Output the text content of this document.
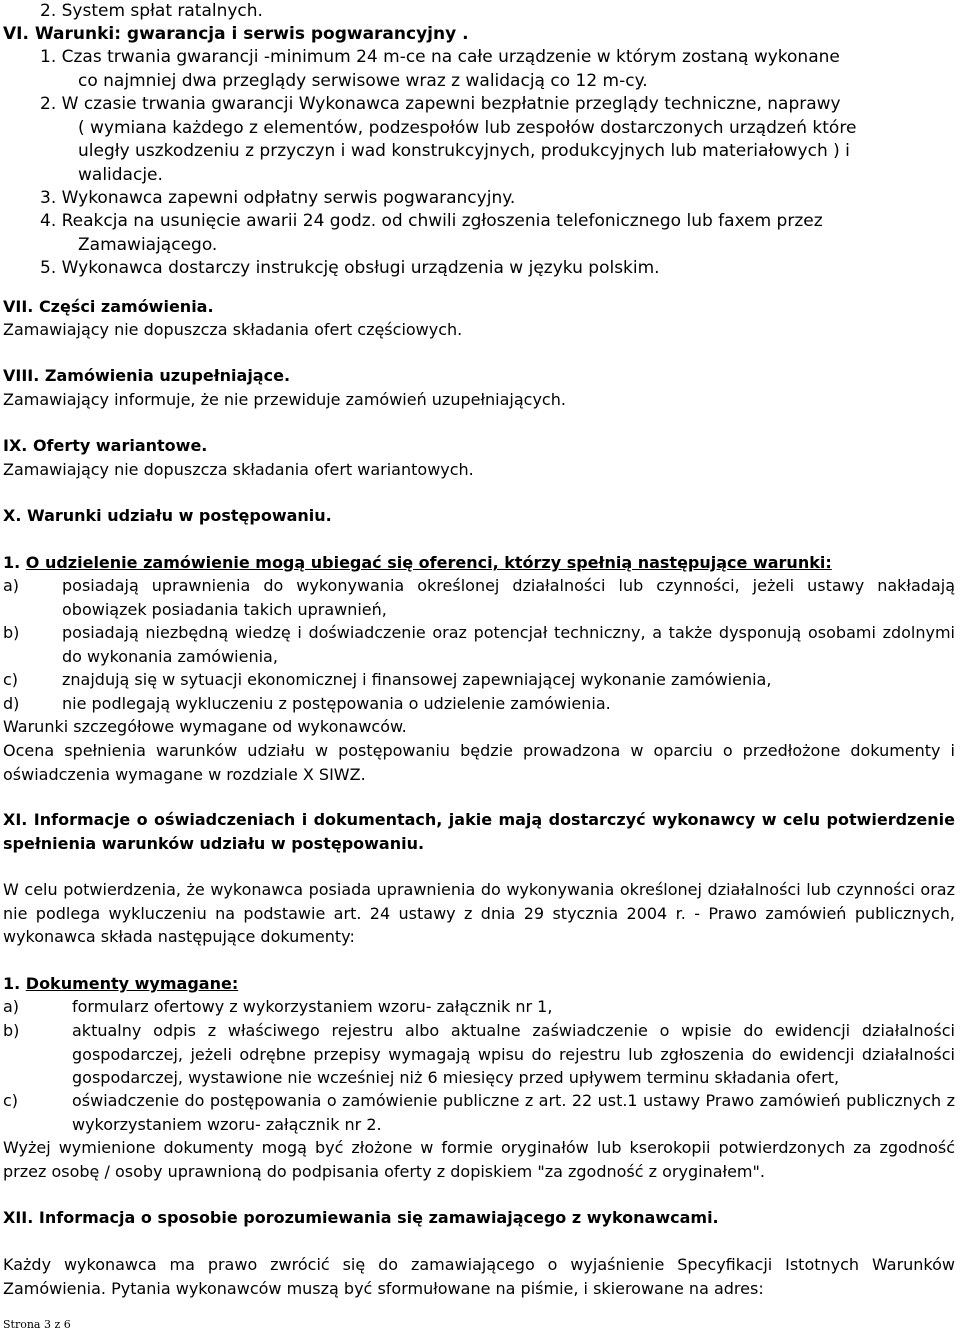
2. System spłat ratalnych.
VI. Warunki: gwarancja i serwis pogwarancyjny .
1. Czas trwania gwarancji -minimum 24 m-ce na całe urządzenie w którym zostaną wykonane
co najmniej dwa przeglądy serwisowe wraz z walidacją co 12 m-cy.
2. W czasie trwania gwarancji Wykonawca zapewni bezpłatnie przeglądy techniczne, naprawy
( wymiana każdego z elementów, podzespołów lub zespołów dostarczonych urządzeń które
uległy uszkodzeniu z przyczyn i wad konstrukcyjnych, produkcyjnych lub materiałowych ) i
walidacje.
3. Wykonawca zapewni odpłatny serwis pogwarancyjny.
4. Reakcja na usunięcie awarii 24 godz. od chwili zgłoszenia telefonicznego lub faxem przez
Zamawiającego.
5. Wykonawca dostarczy instrukcję obsługi urządzenia w języku polskim.
VII. Części zamówienia.
Zamawiający nie dopuszcza składania ofert częściowych.
VIII. Zamówienia uzupełniające.
Zamawiający informuje, że nie przewiduje zamówień uzupełniających.
IX. Oferty wariantowe.
Zamawiający nie dopuszcza składania ofert wariantowych.
X. Warunki udziału w postępowaniu.
1. O udzielenie zamówienie mogą ubiegać się oferenci, którzy spełnią następujące warunki:
a)	posiadają uprawnienia do wykonywania określonej działalności lub czynności, jeżeli ustawy nakładają obowiązek posiadania takich uprawnień,
b)	posiadają niezbędną wiedzę i doświadczenie oraz potencjał techniczny, a także dysponują osobami zdolnymi do wykonania zamówienia,
c)	znajdują się w sytuacji ekonomicznej i finansowej zapewniającej wykonanie zamówienia,
d)	nie podlegają wykluczeniu z postępowania o udzielenie zamówienia.
Warunki szczegółowe wymagane od wykonawców.
Ocena spełnienia warunków udziału w postępowaniu będzie prowadzona w oparciu o przedłożone dokumenty i oświadczenia wymagane w rozdziale X SIWZ.
XI. Informacje o oświadczeniach i dokumentach, jakie mają dostarczyć wykonawcy w celu potwierdzenie spełnienia warunków udziału w postępowaniu.
W celu potwierdzenia, że wykonawca posiada uprawnienia do wykonywania określonej działalności lub czynności oraz nie podlega wykluczeniu na podstawie art. 24 ustawy z dnia 29 stycznia 2004 r. - Prawo zamówień publicznych, wykonawca składa następujące dokumenty:
1. Dokumenty wymagane:
a)	formularz ofertowy z wykorzystaniem wzoru- załącznik nr 1,
b)	aktualny odpis z właściwego rejestru albo aktualne zaświadczenie o wpisie do ewidencji działalności gospodarczej, jeżeli odrębne przepisy wymagają wpisu do rejestru lub zgłoszenia do ewidencji działalności gospodarczej, wystawione nie wcześniej niż 6 miesięcy przed upływem terminu składania ofert,
c)	oświadczenie do postępowania o zamówienie publiczne z art. 22 ust.1 ustawy Prawo zamówień publicznych z wykorzystaniem wzoru- załącznik nr 2.
Wyżej wymienione dokumenty mogą być złożone w formie oryginałów lub kserokopii potwierdzonych za zgodność przez osobę / osoby uprawnioną do podpisania oferty z dopiskiem "za zgodność z oryginałem".
XII. Informacja o sposobie porozumiewania się zamawiającego z wykonawcami.
Każdy wykonawca ma prawo zwrócić się do zamawiającego o wyjaśnienie Specyfikacji Istotnych Warunków Zamówienia. Pytania wykonawców muszą być sformułowane na piśmie, i skierowane na adres:
Strona 3 z 6
